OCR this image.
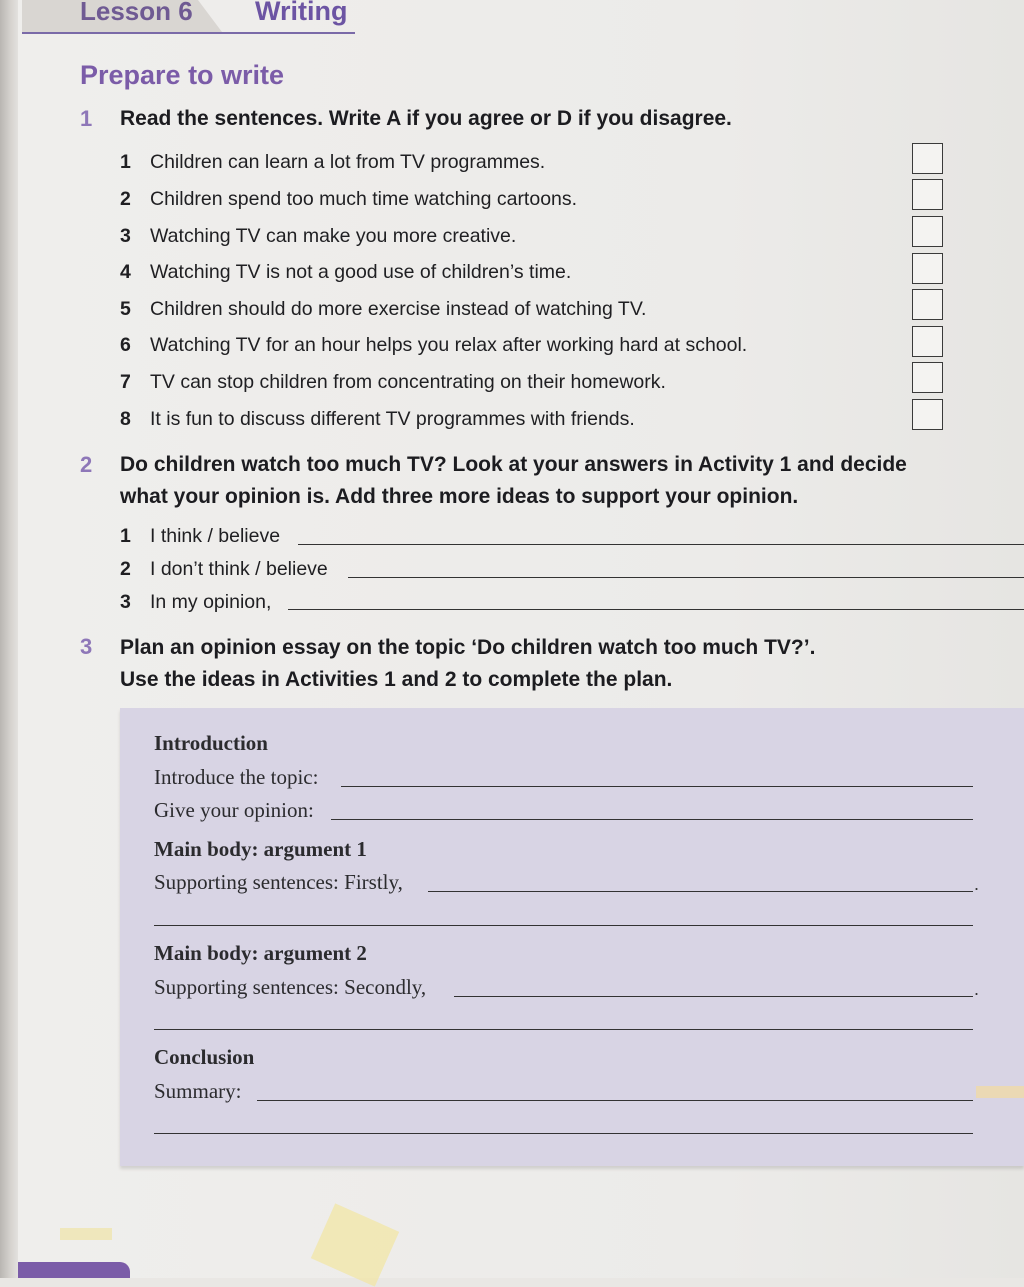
Lesson 6 Writing
Prepare to write
1 Read the sentences. Write A if you agree or D if you disagree.
1 Children can learn a lot from TV programmes.
2 Children spend too much time watching cartoons.
3 Watching TV can make you more creative.
4 Watching TV is not a good use of children’s time.
5 Children should do more exercise instead of watching TV.
6 Watching TV for an hour helps you relax after working hard at school.
7 TV can stop children from concentrating on their homework.
8 It is fun to discuss different TV programmes with friends.
2 Do children watch too much TV? Look at your answers in Activity 1 and decide
what your opinion is. Add three more ideas to support your opinion.
1 I think / believe
2 I don’t think / believe
3 In my opinion,
3 Plan an opinion essay on the topic ‘Do children watch too much TV?’.
Use the ideas in Activities 1 and 2 to complete the plan.
Introduction
Introduce the topic:
Give your opinion:
Main body: argument 1
Supporting sentences: Firstly,	.
Main body: argument 2
Supporting sentences: Secondly,	.
Conclusion
Summary:
